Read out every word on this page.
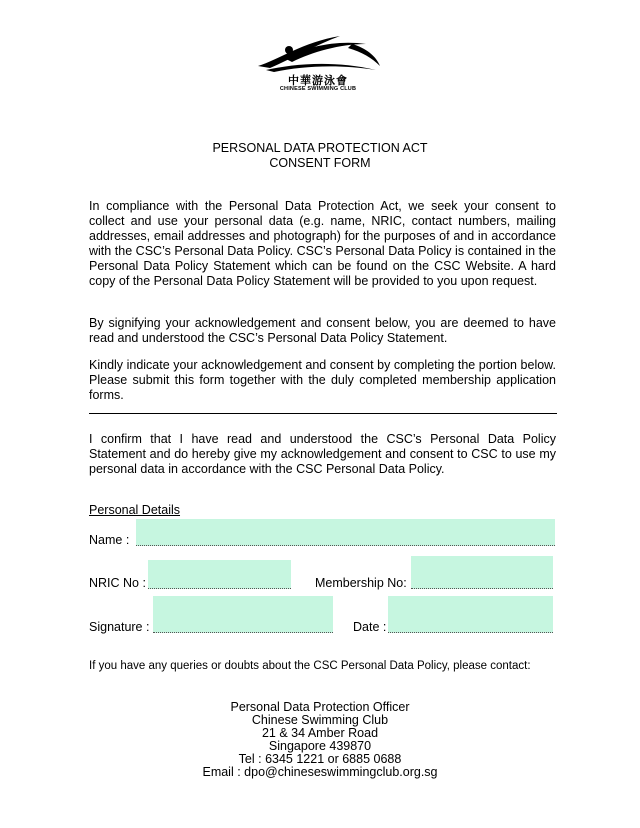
中華游泳會
CHINESE SWIMMING CLUB
PERSONAL DATA PROTECTION ACT
CONSENT FORM
In compliance with the Personal Data Protection Act, we seek your consent to collect and use your personal data (e.g. name, NRIC, contact numbers, mailing addresses, email addresses and photograph) for the purposes of and in accordance with the CSC’s Personal Data Policy. CSC’s Personal Data Policy is contained in the Personal Data Policy Statement which can be found on the CSC Website. A hard copy of the Personal Data Policy Statement will be provided to you upon request.
By signifying your acknowledgement and consent below, you are deemed to have read and understood the CSC’s Personal Data Policy Statement.
Kindly indicate your acknowledgement and consent by completing the portion below. Please submit this form together with the duly completed membership application forms.
I confirm that I have read and understood the CSC’s Personal Data Policy Statement and do hereby give my acknowledgement and consent to CSC to use my personal data in accordance with the CSC Personal Data Policy.
Personal Details
Name :
NRIC No :	Membership No:
Signature :	Date :
If you have any queries or doubts about the CSC Personal Data Policy, please contact:
Personal Data Protection Officer
Chinese Swimming Club
21 & 34 Amber Road
Singapore 439870
Tel : 6345 1221 or 6885 0688
Email : dpo@chineseswimmingclub.org.sg
